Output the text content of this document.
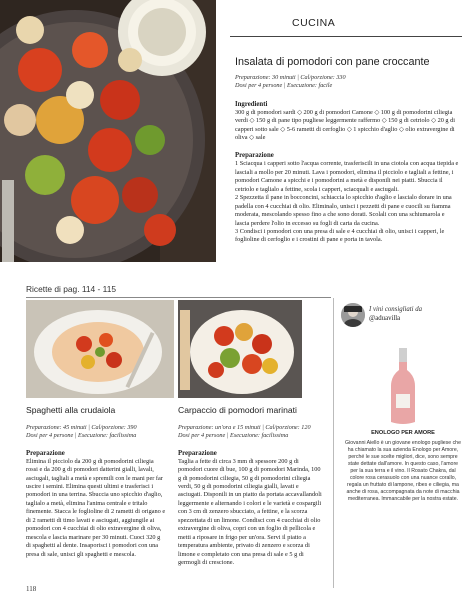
CUCINA
Insalata di pomodori con pane croccante
Preparazione: 30 minuti | Cal/porzione: 330
Dosi per 4 persone | Esecuzione: facile
Ingredienti
300 g di pomodori sardi ◇ 200 g di pomodori Camone ◇ 100 g di pomodorini ciliegia verdi ◇ 150 g di pane tipo pugliese leggermente raffermo ◇ 150 g di cetriolo ◇ 20 g di capperi sotto sale ◇ 5-6 rametti di cerfoglio ◇ 1 spicchio d'aglio ◇ olio extravergine di oliva ◇ sale
Preparazione
1 Sciacqua i capperi sotto l'acqua corrente, trasferiscili in una ciotola con acqua tiepida e lasciali a mollo per 20 minuti. Lava i pomodori, elimina il picciolo e tagliali a fettine, i pomodori Camone a spicchi e i pomodorini a metà e disponili nei piatti. Sbuccia il cetriolo e taglialo a fettine, scola i capperi, sciacquali e asciugali.
2 Spezzetta il pane in bocconcini, schiaccia lo spicchio d'aglio e lascialo dorare in una padella con 4 cucchiai di olio. Eliminalo, unisci i pezzetti di pane e cuocili su fiamma moderata, mescolando spesso fino a che sono dorati. Scolali con una schiumarola e lascia perdere l'olio in eccesso su fogli di carta da cucina.
3 Condisci i pomodori con una presa di sale e 4 cucchiai di olio, unisci i capperi, le foglioline di cerfoglio e i crostini di pane e porta in tavola.
Ricette di pag. 114 - 115
Spaghetti alla crudaiola
Preparazione: 45 minuti | Cal/porzione: 390
Dosi per 4 persone | Esecuzione: facilissima
Preparazione
Elimina il picciolo da 200 g di pomodorini ciliegia rossi e da 200 g di pomodori datterini gialli, lavali, asciugali, tagliali a metà e spremili con le mani per far uscire i semini. Elimina questi ultimi e trasferisci i pomodori in una terrina. Sbuccia uno spicchio d'aglio, taglialo a metà, elimina l'anima centrale e tritalo finemente. Stacca le foglioline di 2 rametti di origano e di 2 rametti di timo lavati e asciugati, aggiungile ai pomodori con 4 cucchiai di olio extravergine di oliva, mescola e lascia marinare per 30 minuti. Cuoci 320 g di spaghetti al dente. Insaporisci i pomodori con una presa di sale, unisci gli spaghetti e mescola.
Carpaccio di pomodori marinati
Preparazione: un'ora e 15 minuti | Cal/porzione: 120
Dosi per 4 persone | Esecuzione: facilissima
Preparazione
Taglia a fette di circa 3 mm di spessore 200 g di pomodori cuore di bue, 100 g di pomodori Marinda, 100 g di pomodorini ciliegia, 50 g di pomodorini ciliegia verdi, 50 g di pomodorini ciliegia gialli, lavati e asciugati. Disponili in un piatto da portata accavallandoli leggermente e alternando i colori e le varietà e cospargili con 3 cm di zenzero sbucciato, a fettine, e la scorza spezzettata di un limone. Condisci con 4 cucchiai di olio extravergine di oliva, copri con un foglio di pellicola e metti a riposare in frigo per un'ora. Servi il piatto a temperatura ambiente, privato di zenzero e scorza di limone e completato con una presa di sale e 5 g di germogli di crescione.
I vini consigliati da
@aduavilla
ENOLOGO PER AMORE
Giovanni Aiello è un giovane enologo pugliese che ha chiamato la sua azienda Enologo per Amore, perché le sue scelte migliori, dice, sono sempre state dettate dall'amore. In questo caso, l'amore per la sua terra e il vino. Il Rosato Chakra, dal colore rosa cerasuolo con una nuance corallo, regala un fruttato di lampone, ribes e ciliegia, ma anche di rosa, accompagnata da note di macchia mediterranea. Immancabile per la nostra estate.
118
